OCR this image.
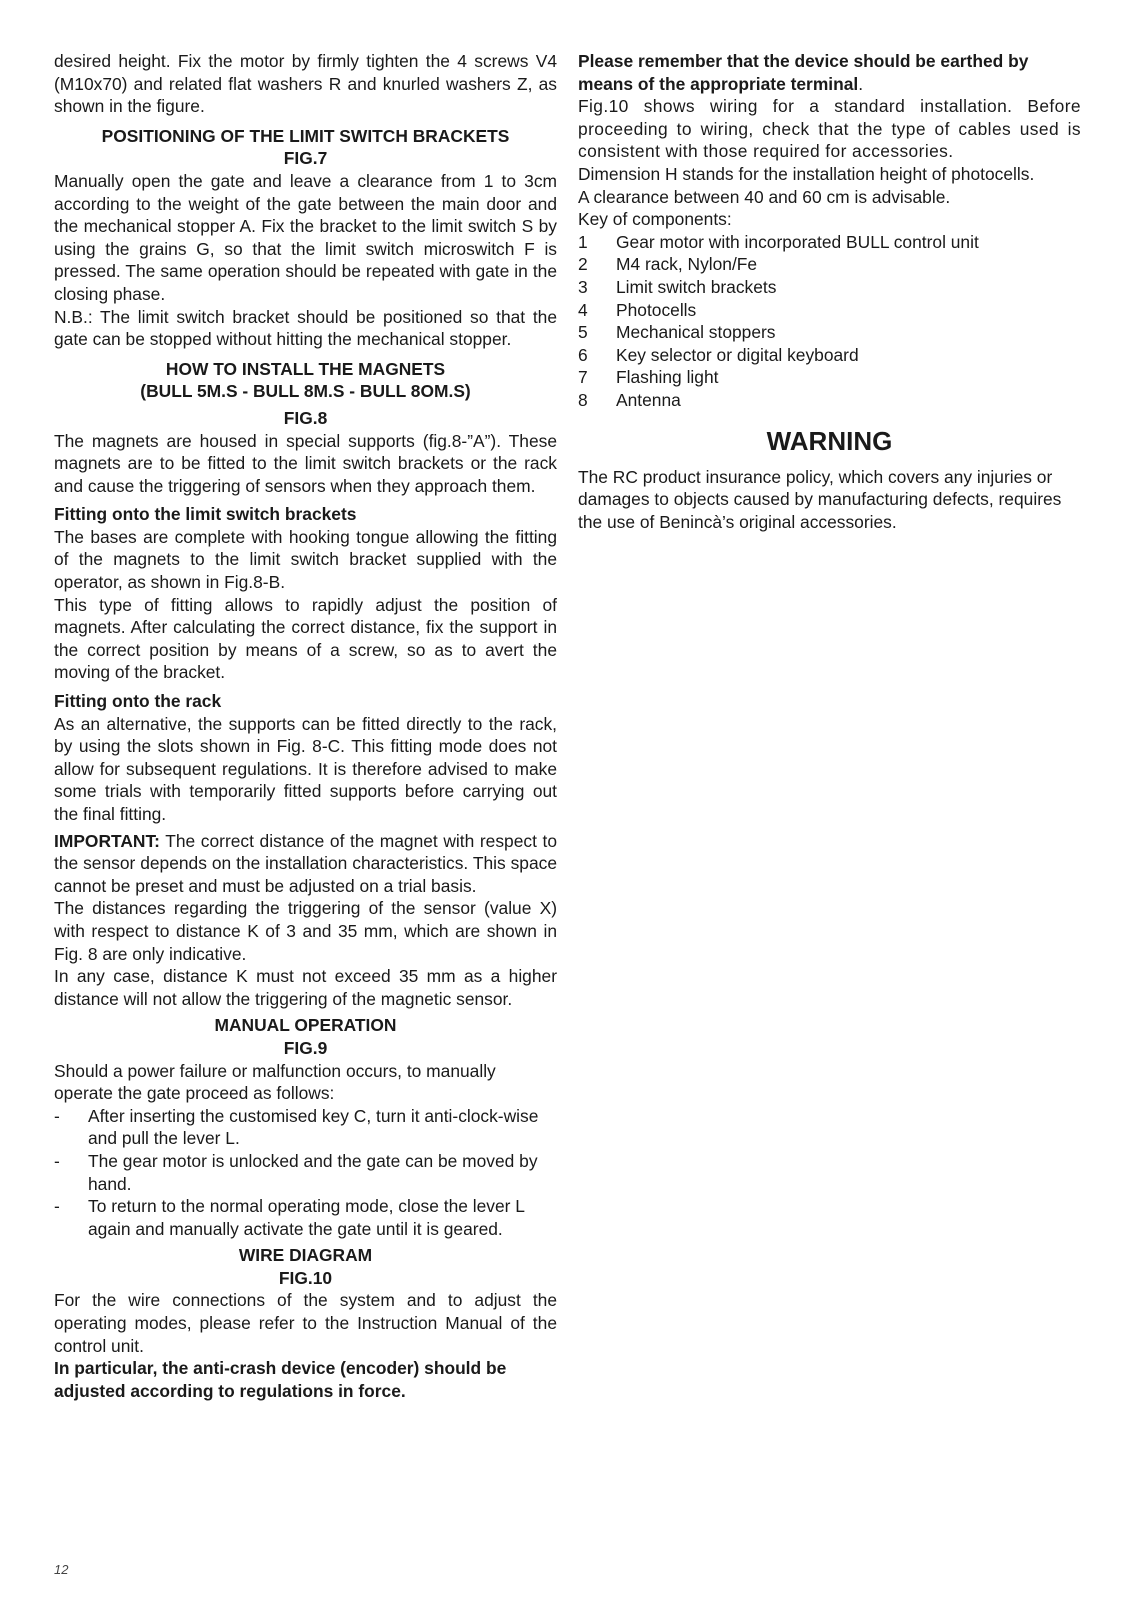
desired height. Fix the motor by firmly tighten the 4 screws V4 (M10x70) and related flat washers R and knurled washers Z, as shown in the figure.

POSITIONING OF THE LIMIT SWITCH BRACKETS
FIG.7

Manually open the gate and leave a clearance from 1 to 3cm according to the weight of the gate between the main door and the mechanical stopper A. Fix the bracket to the limit switch S by using the grains G, so that the limit switch microswitch F is pressed. The same operation should be repeated with gate in the closing phase.

N.B.: The limit switch bracket should be positioned so that the gate can be stopped without hitting the mechanical stopper.

HOW TO INSTALL THE MAGNETS
(BULL 5M.S - BULL 8M.S - BULL 8OM.S)
FIG.8

The magnets are housed in special supports (fig.8-”A”). These magnets are to be fitted to the limit switch brackets or the rack and cause the triggering of sensors when they approach them.

Fitting onto the limit switch brackets

The bases are complete with hooking tongue allowing the fitting of the magnets to the limit switch bracket supplied with the operator, as shown in Fig.8-B.

This type of fitting allows to rapidly adjust the position of magnets. After calculating the correct distance, fix the support in the correct position by means of a screw, so as to avert the moving of the bracket.

Fitting onto the rack

As an alternative, the supports can be fitted directly to the rack, by using the slots shown in Fig. 8-C. This fitting mode does not allow for subsequent regulations. It is therefore advised to make some trials with temporarily fitted supports before carrying out the final fitting.

IMPORTANT: The correct distance of the magnet with respect to the sensor depends on the installation characteristics. This space cannot be preset and must be adjusted on a trial basis.

The distances regarding the triggering of the sensor (value X) with respect to distance K of 3 and 35 mm, which are shown in Fig. 8 are only indicative.

In any case, distance K must not exceed 35 mm as a higher distance will not allow the triggering of the magnetic sensor.

MANUAL OPERATION
FIG.9

Should a power failure or malfunction occurs, to manually operate the gate proceed as follows:

- After inserting the customised key C, turn it anti-clock-wise and pull the lever L.
- The gear motor is unlocked and the gate can be moved by hand.
- To return to the normal operating mode, close the lever L again and manually activate the gate until it is geared.
WIRE DIAGRAM
FIG.10

For the wire connections of the system and to adjust the operating modes, please refer to the Instruction Manual of the control unit.

In particular, the anti-crash device (encoder) should be adjusted according to regulations in force.

Please remember that the device should be earthed by means of the appropriate terminal.

Fig.10 shows wiring for a standard installation. Before proceeding to wiring, check that the type of cables used is consistent with those required for accessories.

Dimension H stands for the installation height of photocells.

A clearance between 40 and 60 cm is advisable.

Key of components:

1 Gear motor with incorporated BULL control unit
2 M4 rack, Nylon/Fe
3 Limit switch brackets
4 Photocells
5 Mechanical stoppers
6 Key selector or digital keyboard
7 Flashing light
8 Antenna
WARNING

The RC product insurance policy, which covers any injuries or damages to objects caused by manufacturing defects, requires the use of Benincà’s original accessories.

12
